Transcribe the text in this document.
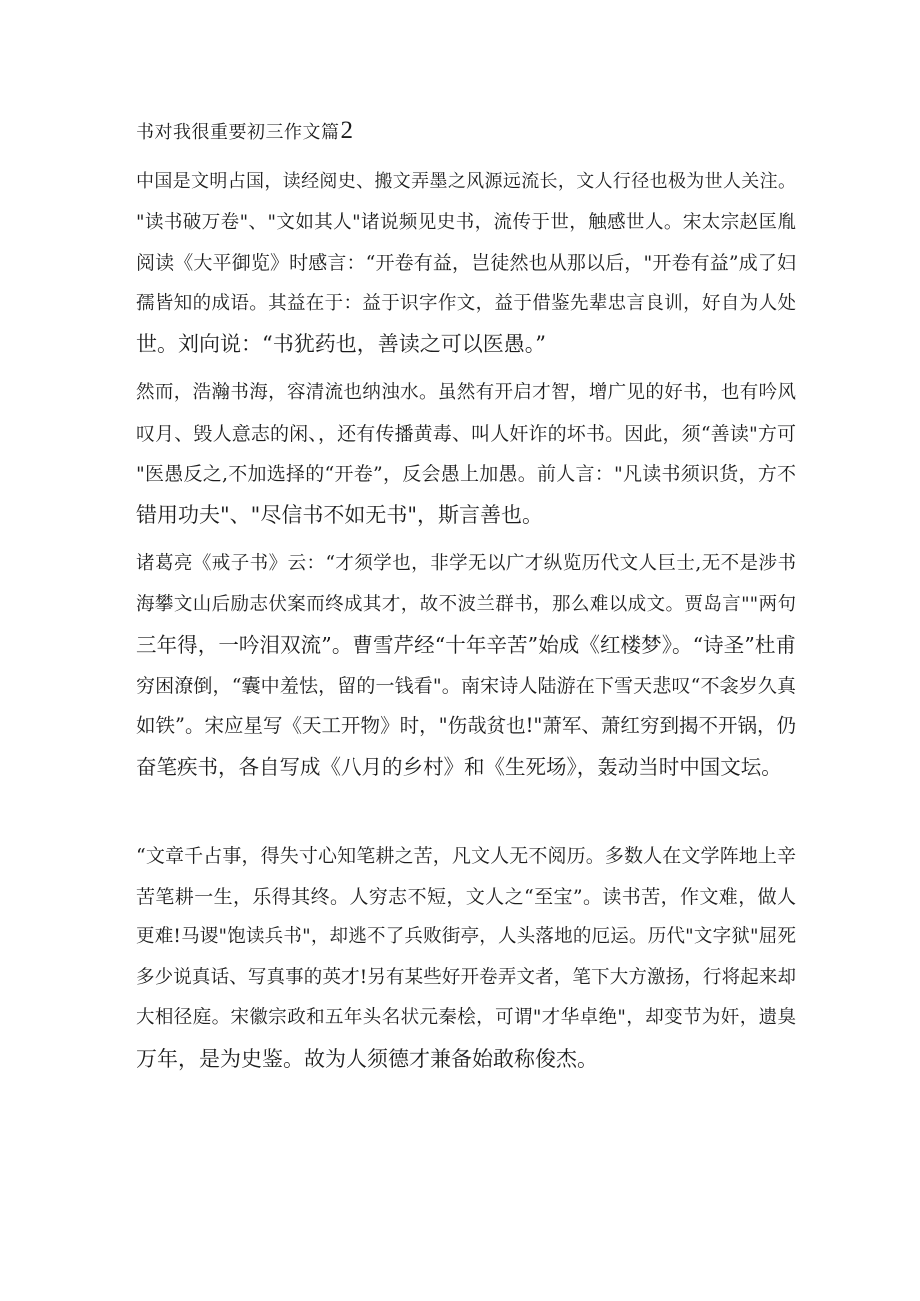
书对我很重要初三作文篇2
中国是文明占国，读经阅史、搬文弄墨之风源远流长，文人行径也极为世人关注。
"读书破万卷"、"文如其人"诸说频见史书，流传于世，触感世人。宋太宗赵匡胤
阅读《大平御览》时感言：“开卷有益，岂徒然也从那以后，"开卷有益”成了妇
孺皆知的成语。其益在于：益于识字作文，益于借鉴先辈忠言良训，好自为人处
世。刘向说：“书犹药也，善读之可以医愚。”
然而，浩瀚书海，容清流也纳浊水。虽然有开启才智，增广见的好书，也有吟风
叹月、毁人意志的闲、，还有传播黄毒、叫人奸诈的坏书。因此，须“善读"方可
"医愚反之,不加选择的“开卷”，反会愚上加愚。前人言："凡读书须识货，方不
错用功夫"、"尽信书不如无书"，斯言善也。
诸葛亮《戒子书》云：“才须学也，非学无以广才纵览历代文人巨士,无不是涉书
海攀文山后励志伏案而终成其才，故不波兰群书，那么难以成文。贾岛言""两句
三年得，一吟泪双流”。曹雪芹经“十年辛苦”始成《红楼梦》。“诗圣”杜甫
穷困潦倒，“囊中羞怯，留的一钱看"。南宋诗人陆游在下雪天悲叹“不衾岁久真
如铁”。宋应星写《天工开物》时，"伤哉贫也!"萧军、萧红穷到揭不开锅，仍
奋笔疾书，各自写成《八月的乡村》和《生死场》，轰动当时中国文坛。
“文章千占事，得失寸心知笔耕之苦，凡文人无不阅历。多数人在文学阵地上辛
苦笔耕一生，乐得其终。人穷志不短，文人之“至宝”。读书苦，作文难，做人
更难!马谡"饱读兵书"，却逃不了兵败街亭，人头落地的厄运。历代"文字狱"屈死
多少说真话、写真事的英才!另有某些好开卷弄文者，笔下大方激扬，行将起来却
大相径庭。宋徽宗政和五年头名状元秦桧，可谓"才华卓绝"，却变节为奸，遗臭
万年，是为史鉴。故为人须德才兼备始敢称俊杰。
